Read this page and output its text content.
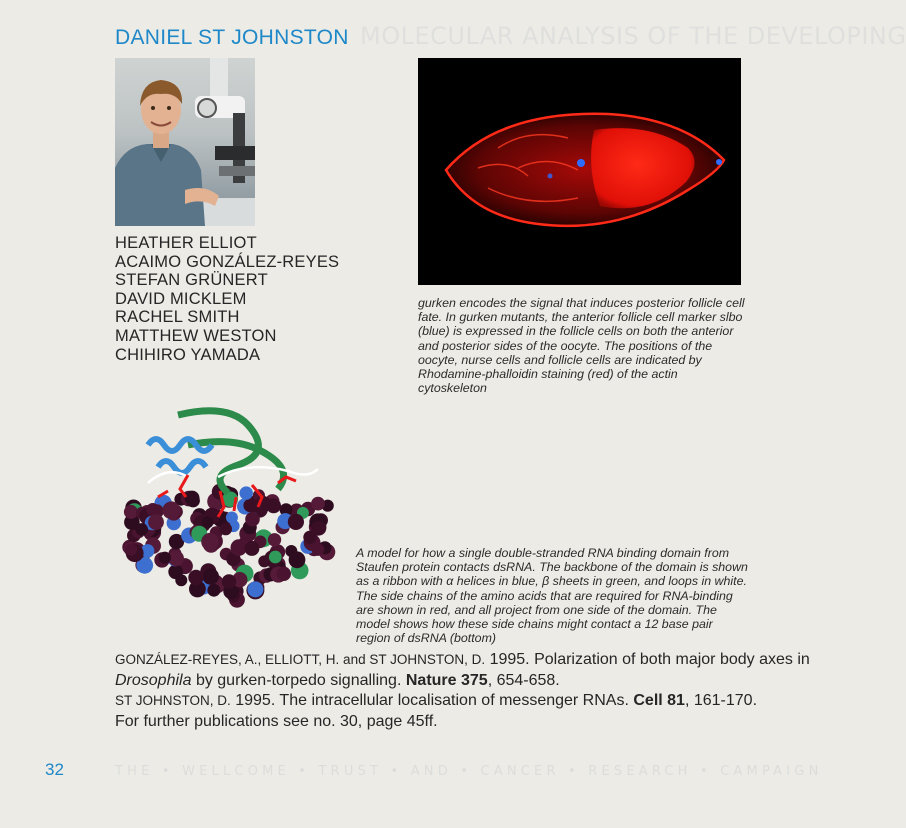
MOLECULAR ANALYSIS OF THE DEVELOPING
DANIEL ST JOHNSTON
HEATHER ELLIOT
ACAIMO GONZÁLEZ-REYES
STEFAN GRÜNERT
DAVID MICKLEM
RACHEL SMITH
MATTHEW WESTON
CHIHIRO YAMADA
gurken encodes the signal that induces posterior follicle cell fate. In gurken mutants, the anterior follicle cell marker slbo (blue) is expressed in the follicle cells on both the anterior and posterior sides of the oocyte. The positions of the oocyte, nurse cells and follicle cells are indicated by Rhodamine-phalloidin staining (red) of the actin cytoskeleton
A model for how a single double-stranded RNA binding domain from Staufen protein contacts dsRNA. The backbone of the domain is shown as a ribbon with α helices in blue, β sheets in green, and loops in white. The side chains of the amino acids that are required for RNA-binding are shown in red, and all project from one side of the domain. The model shows how these side chains might contact a 12 base pair region of dsRNA (bottom)

GONZÁLEZ-REYES, A., ELLIOTT, H. and ST JOHNSTON, D. 1995. Polarization of both major body axes in

Drosophila by gurken-torpedo signalling. Nature 375, 654-658.

ST JOHNSTON, D. 1995. The intracellular localisation of messenger RNAs. Cell 81, 161-170.

For further publications see no. 30, page 45ff.

32	THE • WELLCOME • TRUST • AND • CANCER • RESEARCH • CAMPAIGN
